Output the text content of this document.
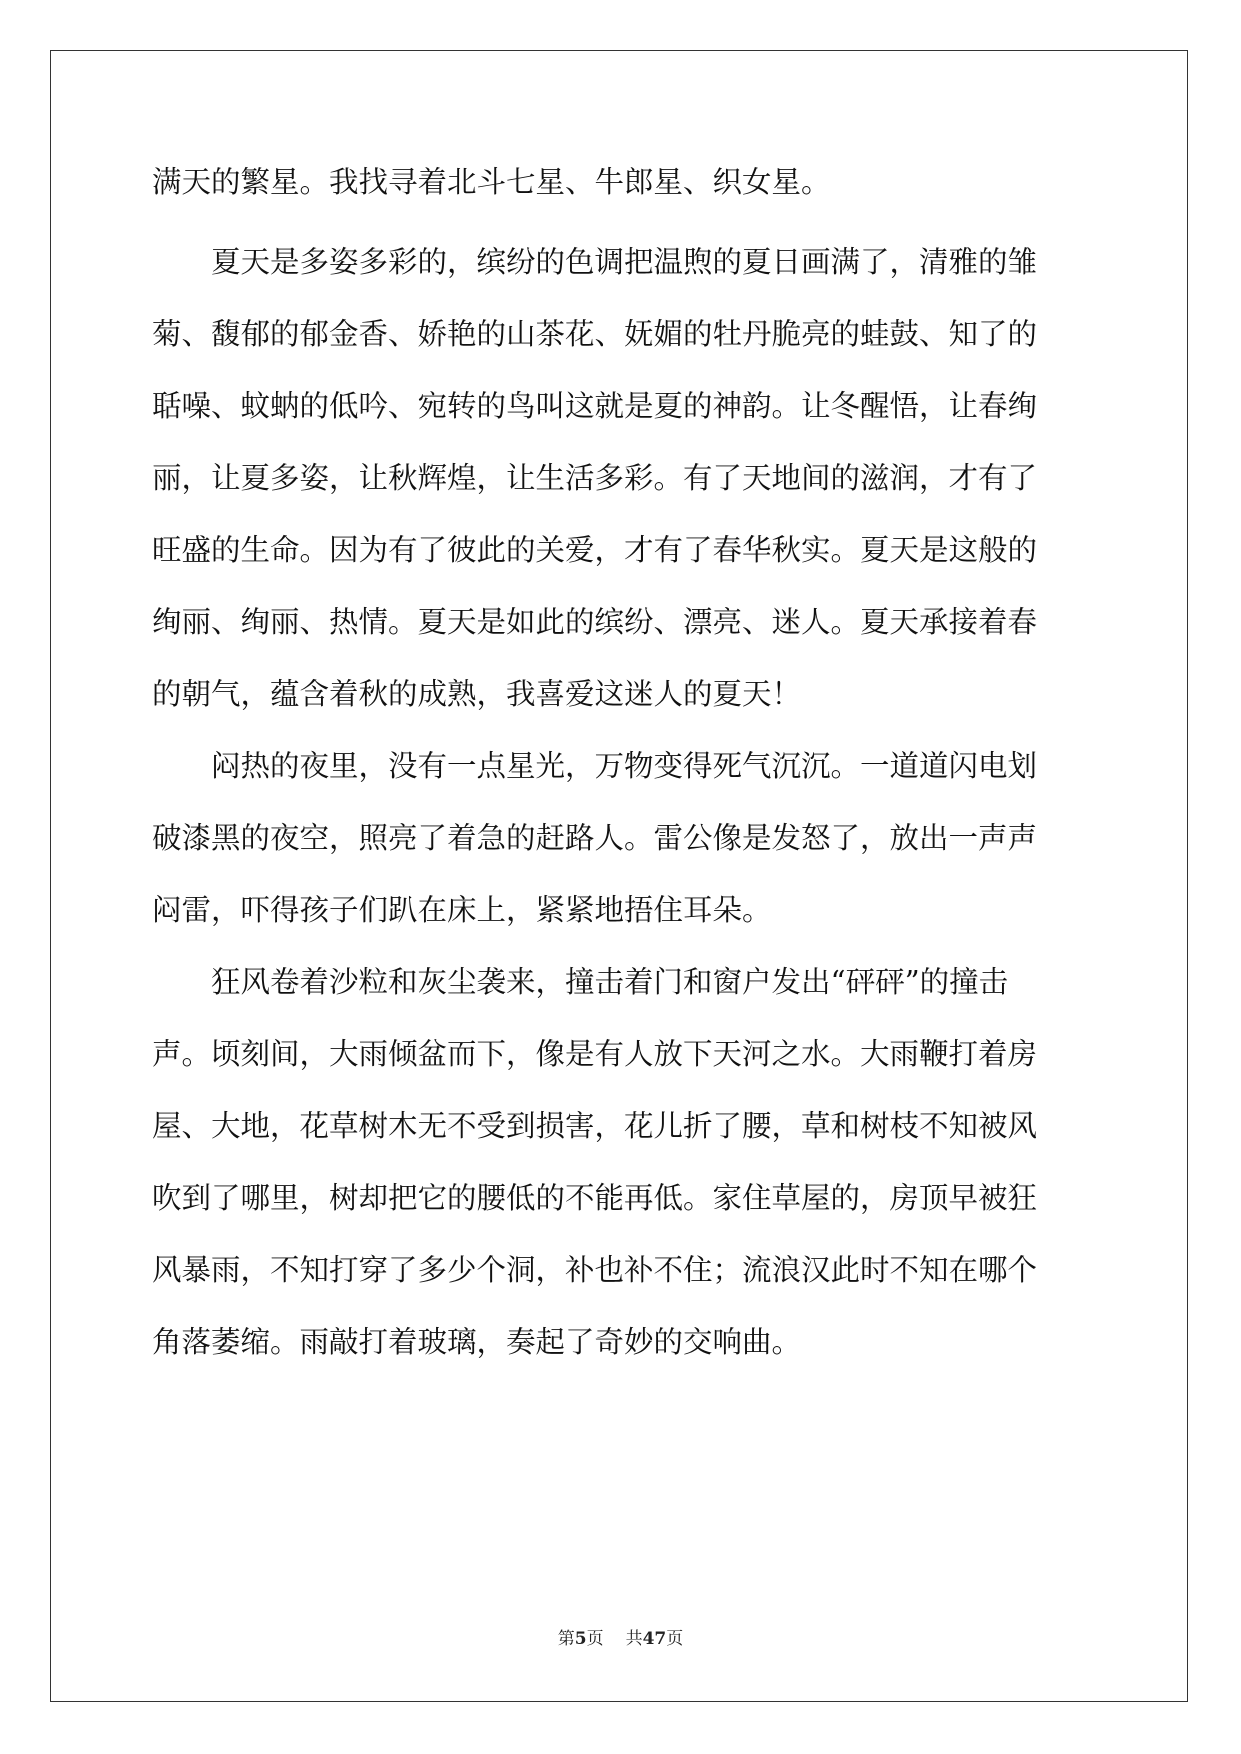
满天的繁星。我找寻着北斗七星、牛郎星、织女星。
夏天是多姿多彩的，缤纷的色调把温煦的夏日画满了，清雅的雏
菊、馥郁的郁金香、娇艳的山茶花、妩媚的牡丹脆亮的蛙鼓、知了的
聒噪、蚊蚋的低吟、宛转的鸟叫这就是夏的神韵。让冬醒悟，让春绚
丽，让夏多姿，让秋辉煌，让生活多彩。有了天地间的滋润，才有了
旺盛的生命。因为有了彼此的关爱，才有了春华秋实。夏天是这般的
绚丽、绚丽、热情。夏天是如此的缤纷、漂亮、迷人。夏天承接着春
的朝气，蕴含着秋的成熟，我喜爱这迷人的夏天！
闷热的夜里，没有一点星光，万物变得死气沉沉。一道道闪电划
破漆黑的夜空，照亮了着急的赶路人。雷公像是发怒了，放出一声声
闷雷，吓得孩子们趴在床上，紧紧地捂住耳朵。
狂风卷着沙粒和灰尘袭来，撞击着门和窗户发出“砰砰”的撞击
声。顷刻间，大雨倾盆而下，像是有人放下天河之水。大雨鞭打着房
屋、大地，花草树木无不受到损害，花儿折了腰，草和树枝不知被风
吹到了哪里，树却把它的腰低的不能再低。家住草屋的，房顶早被狂
风暴雨，不知打穿了多少个洞，补也补不住；流浪汉此时不知在哪个
角落萎缩。雨敲打着玻璃，奏起了奇妙的交响曲。
第5页 共47页
